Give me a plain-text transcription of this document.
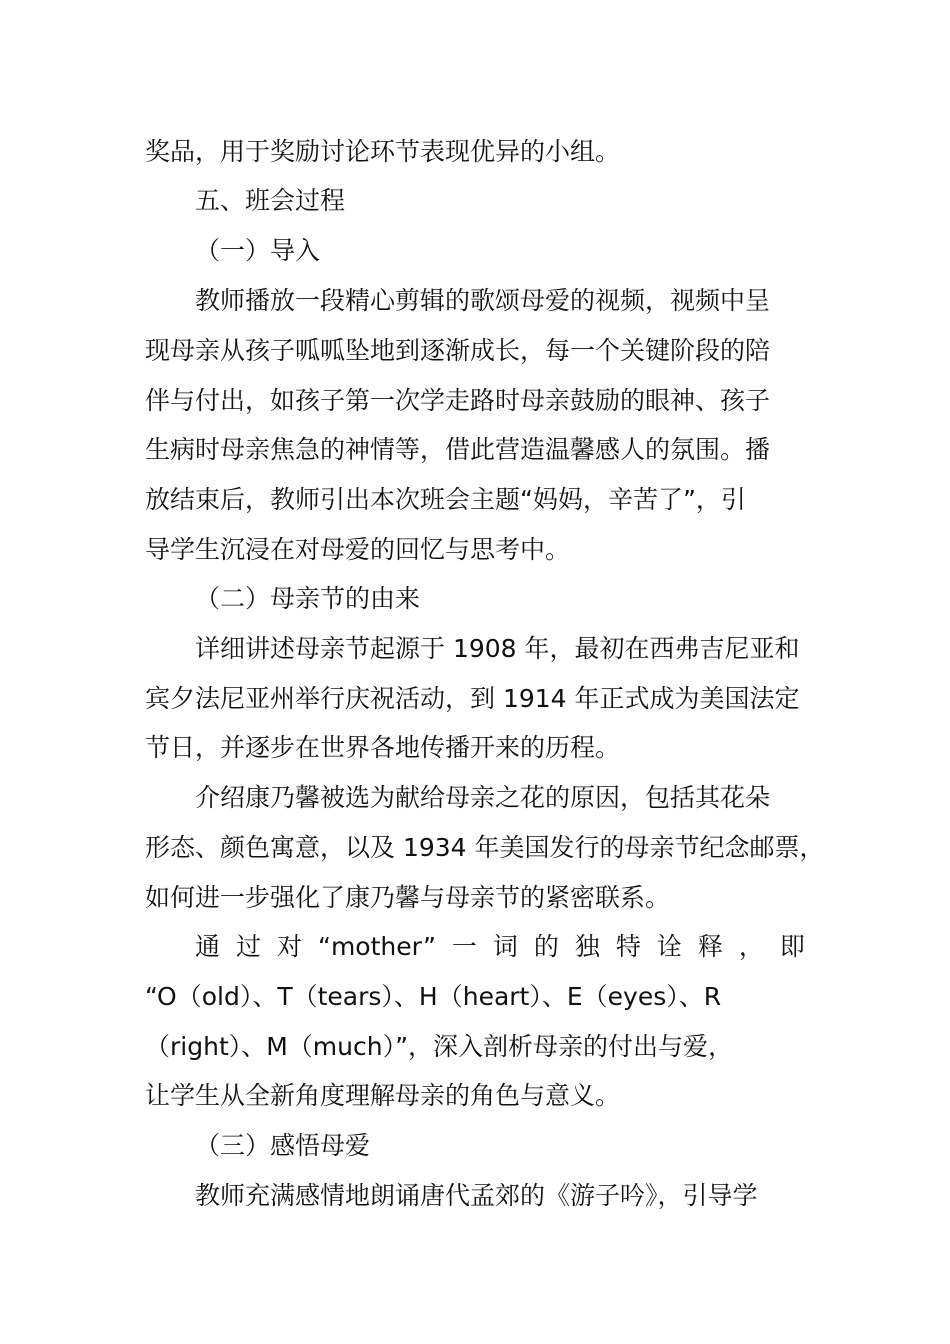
奖品，用于奖励讨论环节表现优异的小组。
五、班会过程
（一）导入
教师播放一段精心剪辑的歌颂母爱的视频，视频中呈
现母亲从孩子呱呱坠地到逐渐成长，每一个关键阶段的陪
伴与付出，如孩子第一次学走路时母亲鼓励的眼神、孩子
生病时母亲焦急的神情等，借此营造温馨感人的氛围。播
放结束后，教师引出本次班会主题“妈妈，辛苦了”，引
导学生沉浸在对母爱的回忆与思考中。
（二）母亲节的由来
详细讲述母亲节起源于 1908 年，最初在西弗吉尼亚和
宾夕法尼亚州举行庆祝活动，到 1914 年正式成为美国法定
节日，并逐步在世界各地传播开来的历程。
介绍康乃馨被选为献给母亲之花的原因，包括其花朵
形态、颜色寓意，以及 1934 年美国发行的母亲节纪念邮票，
如何进一步强化了康乃馨与母亲节的紧密联系。
通 过 对 “mother” 一 词 的 独 特 诠 释 ， 即
“O（old）、T（tears）、H（heart）、E（eyes）、R
（right）、M（much）”，深入剖析母亲的付出与爱，
让学生从全新角度理解母亲的角色与意义。
（三）感悟母爱
教师充满感情地朗诵唐代孟郊的《游子吟》，引导学
